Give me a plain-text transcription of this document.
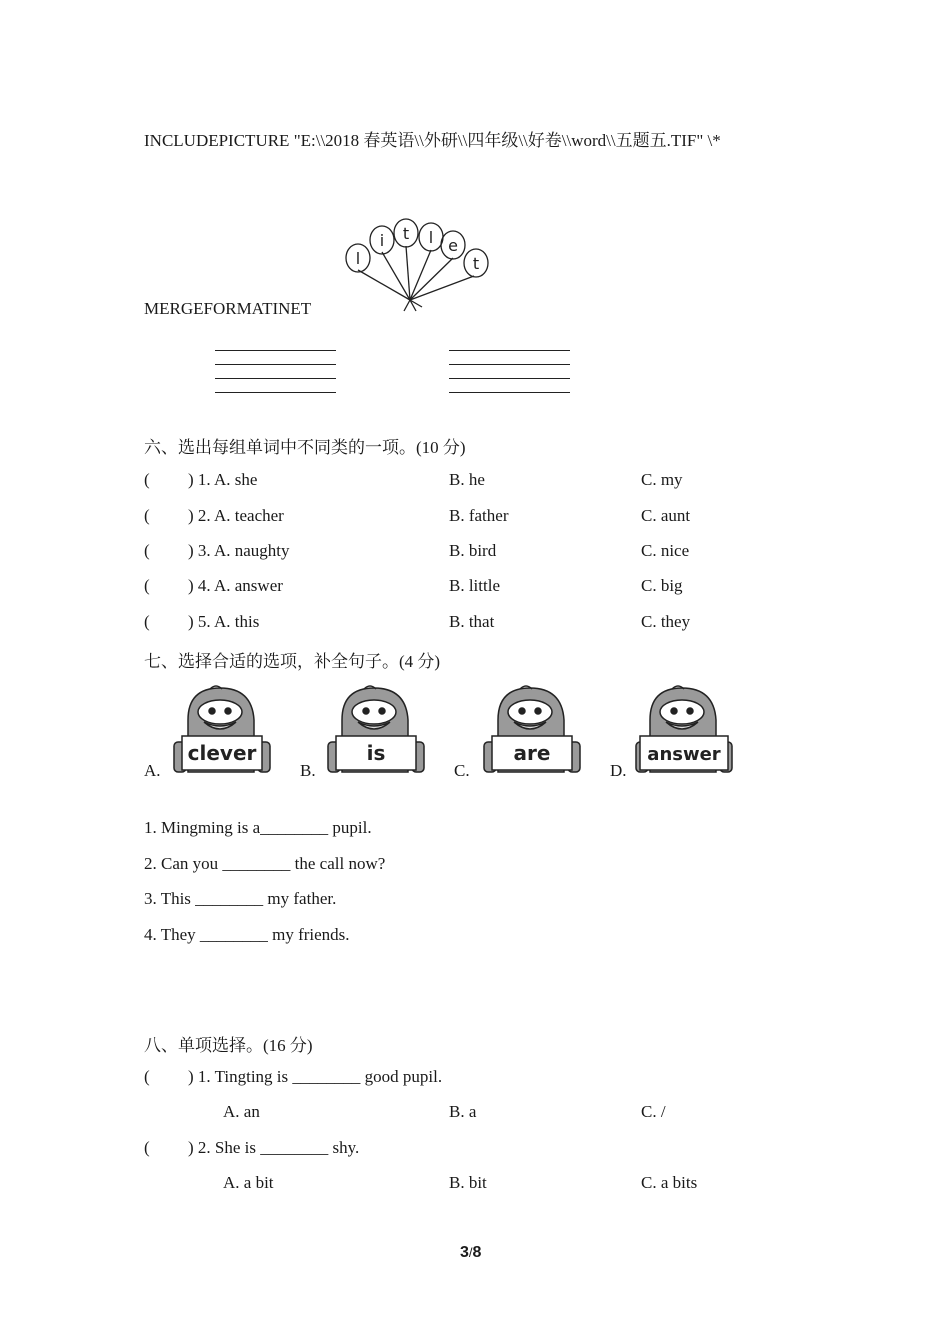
INCLUDEPICTURE "E:\\2018 春英语\\外研\\四年级\\好卷\\word\\五题五.TIF" \*
l
i t l e
t
MERGEFORMATINET
六、选出每组单词中不同类的一项。(10 分)
( ) 1. A. she	B. he	C. my
( ) 2. A. teacher	B. father	C. aunt
( ) 3. A. naughty	B. bird	C. nice
( ) 4. A. answer	B. little	C. big
( ) 5. A. this	B. that	C. they
七、选择合适的选项，补全句子。(4 分)
A.
clever
B.
is
C.
are
D.
answer
1. Mingming is a________ pupil.
2. Can you ________ the call now?
3. This ________ my father.
4. They ________ my friends.
八、单项选择。(16 分)
( ) 1. Tingting is ________ good pupil.
A. an	B. a	C. /
( ) 2. She is ________ shy.
A. a bit	B. bit	C. a bits
3/8
